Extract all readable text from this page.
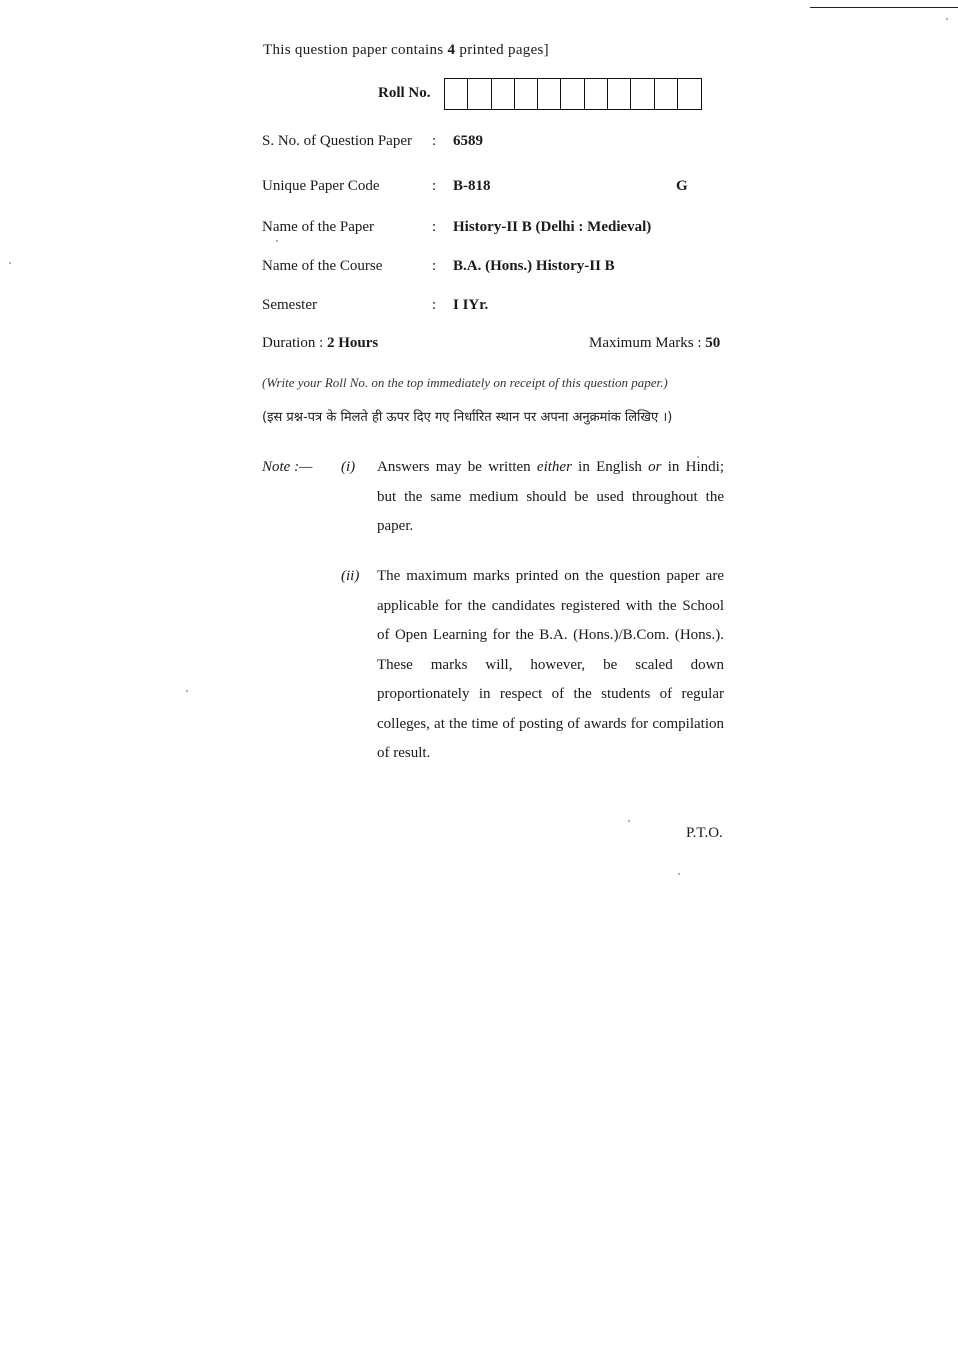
This question paper contains 4 printed pages]
Roll No.
S. No. of Question Paper : 6589
Unique Paper Code	: B-818	G
Name of the Paper	: History-II B (Delhi : Medieval)
Name of the Course	: B.A. (Hons.) History-II B
Semester	: I IYr.
Duration : 2 Hours	Maximum Marks : 50
(Write your Roll No. on the top immediately on receipt of this question paper.)
(इस प्रश्न-पत्र के मिलते ही ऊपर दिए गए निर्धारित स्थान पर अपना अनुक्रमांक लिखिए ।)
Note :— (i) Answers may be written either in English or in Hindi; but the same medium should be used throughout the paper.
(ii) The maximum marks printed on the question paper are applicable for the candidates registered with the School of Open Learning for the B.A. (Hons.)/B.Com. (Hons.). These marks will, however, be scaled down proportionately in respect of the students of regular colleges, at the time of posting of awards for compilation of result.
P.T.O.
